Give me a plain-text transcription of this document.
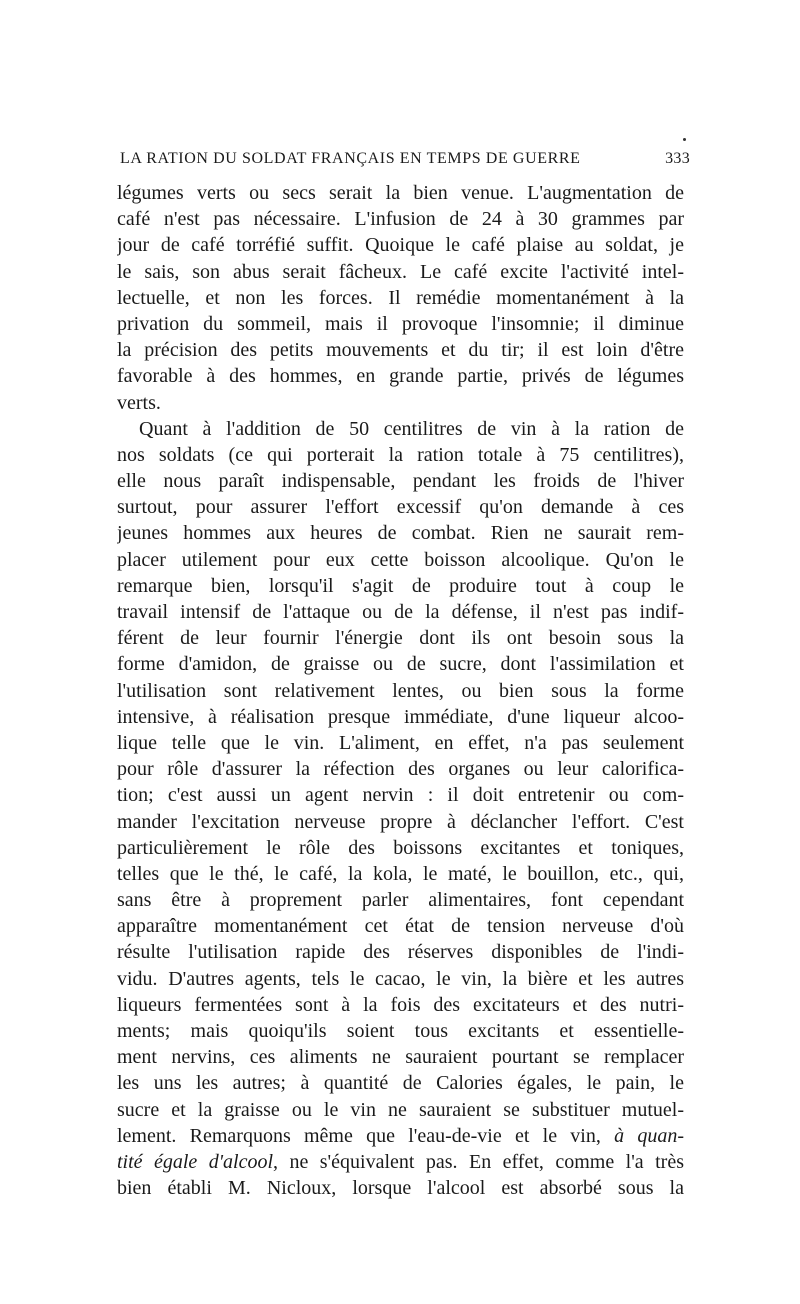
LA RATION DU SOLDAT FRANÇAIS EN TEMPS DE GUERRE	333
légumes verts ou secs serait la bien venue. L'augmentation de
café n'est pas nécessaire. L'infusion de 24 à 30 grammes par
jour de café torréfié suffit. Quoique le café plaise au soldat, je
le sais, son abus serait fâcheux. Le café excite l'activité intel-
lectuelle, et non les forces. Il remédie momentanément à la
privation du sommeil, mais il provoque l'insomnie; il diminue
la précision des petits mouvements et du tir; il est loin d'être
favorable à des hommes, en grande partie, privés de légumes
verts.
Quant à l'addition de 50 centilitres de vin à la ration de
nos soldats (ce qui porterait la ration totale à 75 centilitres),
elle nous paraît indispensable, pendant les froids de l'hiver
surtout, pour assurer l'effort excessif qu'on demande à ces
jeunes hommes aux heures de combat. Rien ne saurait rem-
placer utilement pour eux cette boisson alcoolique. Qu'on le
remarque bien, lorsqu'il s'agit de produire tout à coup le
travail intensif de l'attaque ou de la défense, il n'est pas indif-
férent de leur fournir l'énergie dont ils ont besoin sous la
forme d'amidon, de graisse ou de sucre, dont l'assimilation et
l'utilisation sont relativement lentes, ou bien sous la forme
intensive, à réalisation presque immédiate, d'une liqueur alcoo-
lique telle que le vin. L'aliment, en effet, n'a pas seulement
pour rôle d'assurer la réfection des organes ou leur calorifica-
tion; c'est aussi un agent nervin : il doit entretenir ou com-
mander l'excitation nerveuse propre à déclancher l'effort. C'est
particulièrement le rôle des boissons excitantes et toniques,
telles que le thé, le café, la kola, le maté, le bouillon, etc., qui,
sans être à proprement parler alimentaires, font cependant
apparaître momentanément cet état de tension nerveuse d'où
résulte l'utilisation rapide des réserves disponibles de l'indi-
vidu. D'autres agents, tels le cacao, le vin, la bière et les autres
liqueurs fermentées sont à la fois des excitateurs et des nutri-
ments; mais quoiqu'ils soient tous excitants et essentielle-
ment nervins, ces aliments ne sauraient pourtant se remplacer
les uns les autres; à quantité de Calories égales, le pain, le
sucre et la graisse ou le vin ne sauraient se substituer mutuel-
lement. Remarquons même que l'eau-de-vie et le vin, à quan-
tité égale d'alcool, ne s'équivalent pas. En effet, comme l'a très
bien établi M. Nicloux, lorsque l'alcool est absorbé sous la
